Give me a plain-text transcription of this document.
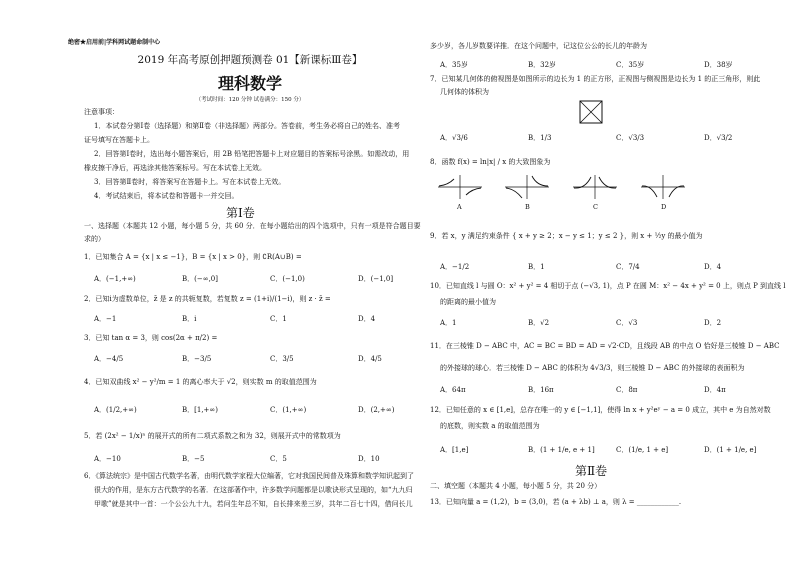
绝密★启用前|学科网试题命制中心
2019 年高考原创押题预测卷 01【新课标Ⅲ卷】
理科数学
（考试时间：120 分钟 试卷满分：150 分）
注意事项：
1．本试卷分第Ⅰ卷（选择题）和第Ⅱ卷（非选择题）两部分。答卷前，考生务必将自己的姓名、准考
证号填写在答题卡上。
2．回答第Ⅰ卷时，选出每小题答案后，用 2B 铅笔把答题卡上对应题目的答案标号涂黑。如需改动，用
橡皮擦干净后，再选涂其他答案标号。写在本试卷上无效。
3．回答第Ⅱ卷时，将答案写在答题卡上。写在本试卷上无效。
4．考试结束后，将本试卷和答题卡一并交回。
第Ⅰ卷
一、选择题（本题共 12 小题，每小题 5 分，共 60 分．在每小题给出的四个选项中，只有一项是符合题目要
求的）
1．已知集合 A = {x | x ≤ −1}，B = {x | x > 0}，则 ∁R(A∪B) =
A．(−1,+∞)	B．(−∞,0]	C．(−1,0)	D．(−1,0]
2．已知i为虚数单位，z̄ 是 z 的共轭复数，若复数 z = (1+i)/(1−i)，则 z · z̄ =
A．−1	B．i	C．1	D．4
3．已知 tan α = 3，则 cos(2α + π/2) =
A．−4/5	B．−3/5	C．3/5	D．4/5
4．已知双曲线 x² − y²/m = 1 的离心率大于 √2，则实数 m 的取值范围为
A．(1/2,+∞)	B．[1,+∞)	C．(1,+∞)	D．(2,+∞)
5．若 (2x² − 1/x)ⁿ 的展开式的所有二项式系数之和为 32，则展开式中的常数项为
A．−10	B．−5	C．5	D．10
6．《算法统宗》是中国古代数学名著，由明代数学家程大位编著，它对我国民间普及珠算和数学知识起到了
很大的作用，是东方古代数学的名著．在这部著作中，许多数学问题都是以歌诀形式呈现的，如“九九归
甲歌”就是其中一首：一个公公九十九，若问生年总不知，自长排来差三岁，共年二百七十四，借问长儿
多少岁，各儿岁数要详推．在这个问题中，记这位公公的长儿的年龄为
A．35岁	B．32岁	C．35岁	D．38岁
7．已知某几何体的俯视图是如图所示的边长为 1 的正方形，正视图与侧视图是边长为 1 的正三角形，则此
几何体的体积为
A．√3/6	B．1/3	C．√3/3	D．√3/2
8．函数 f(x) = ln|x| / x 的大致图象为
A	B	C	D
9．若 x，y 满足约束条件 { x + y ≥ 2；x − y ≤ 1；y ≤ 2 }，则 x + ½y 的最小值为
A．−1/2	B．1	C．7/4	D．4
10．已知直线 l 与圆 O：x² + y² = 4 相切于点 (−√3, 1)，点 P 在圆 M：x² − 4x + y² = 0 上，则点 P 到直线 l
的距离的最小值为
A．1	B．√2	C．√3	D．2
11．在三棱锥 D − ABC 中，AC = BC = BD = AD = √2·CD，且线段 AB 的中点 O 恰好是三棱锥 D − ABC
的外接球的球心．若三棱锥 D − ABC 的体积为 4√3/3，则三棱锥 D − ABC 的外接球的表面积为
A．64π	B．16π	C．8π	D．4π
12．已知任意的 x ∈ [1,e]，总存在唯一的 y ∈ [−1,1]，使得 ln x + y²eʸ − a = 0 成立，其中 e 为自然对数
的底数，则实数 a 的取值范围为
A．[1,e]	B．(1 + 1/e, e + 1]	C．(1/e, 1 + e]	D．(1 + 1/e, e]
第Ⅱ卷
二、填空题（本题共 4 小题，每小题 5 分，共 20 分）
13．已知向量 a = (1,2)，b = (3,0)，若 (a + λb) ⊥ a，则 λ = ____________.
